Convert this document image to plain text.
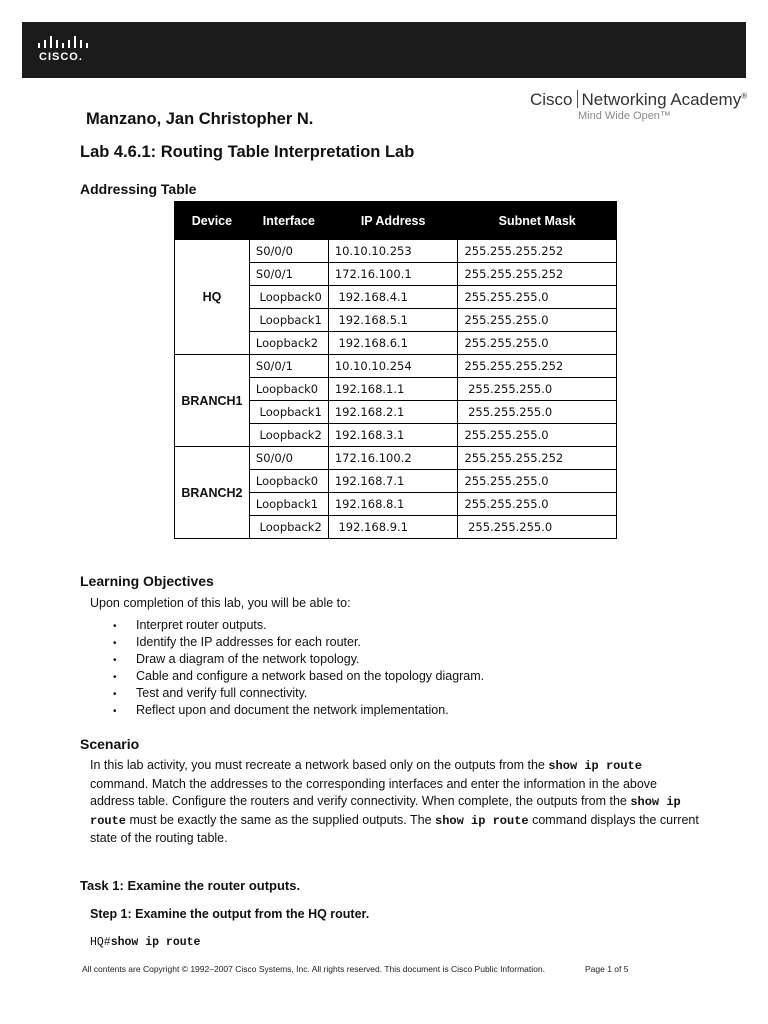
CISCO.
Cisco Networking Academy®
Mind Wide Open™
Manzano, Jan Christopher N.
Lab 4.6.1: Routing Table Interpretation Lab
Addressing Table
Device	Interface	IP Address	Subnet Mask
HQ	S0/0/0	10.10.10.253	255.255.255.252
	S0/0/1	172.16.100.1	255.255.255.252
	Loopback0	192.168.4.1	255.255.255.0
	Loopback1	192.168.5.1	255.255.255.0
	Loopback2	192.168.6.1	255.255.255.0
BRANCH1	S0/0/1	10.10.10.254	255.255.255.252
	Loopback0	192.168.1.1	255.255.255.0
	Loopback1	192.168.2.1	255.255.255.0
	Loopback2	192.168.3.1	255.255.255.0
BRANCH2	S0/0/0	172.16.100.2	255.255.255.252
	Loopback0	192.168.7.1	255.255.255.0
	Loopback1	192.168.8.1	255.255.255.0
	Loopback2	192.168.9.1	255.255.255.0
Learning Objectives
Upon completion of this lab, you will be able to:
• Interpret router outputs.
• Identify the IP addresses for each router.
• Draw a diagram of the network topology.
• Cable and configure a network based on the topology diagram.
• Test and verify full connectivity.
• Reflect upon and document the network implementation.
Scenario
In this lab activity, you must recreate a network based only on the outputs from the show ip route command. Match the addresses to the corresponding interfaces and enter the information in the above address table. Configure the routers and verify connectivity. When complete, the outputs from the show ip route must be exactly the same as the supplied outputs. The show ip route command displays the current state of the routing table.
Task 1: Examine the router outputs.
Step 1: Examine the output from the HQ router.
HQ#show ip route
All contents are Copyright © 1992–2007 Cisco Systems, Inc. All rights reserved. This document is Cisco Public Information.	Page 1 of 5
